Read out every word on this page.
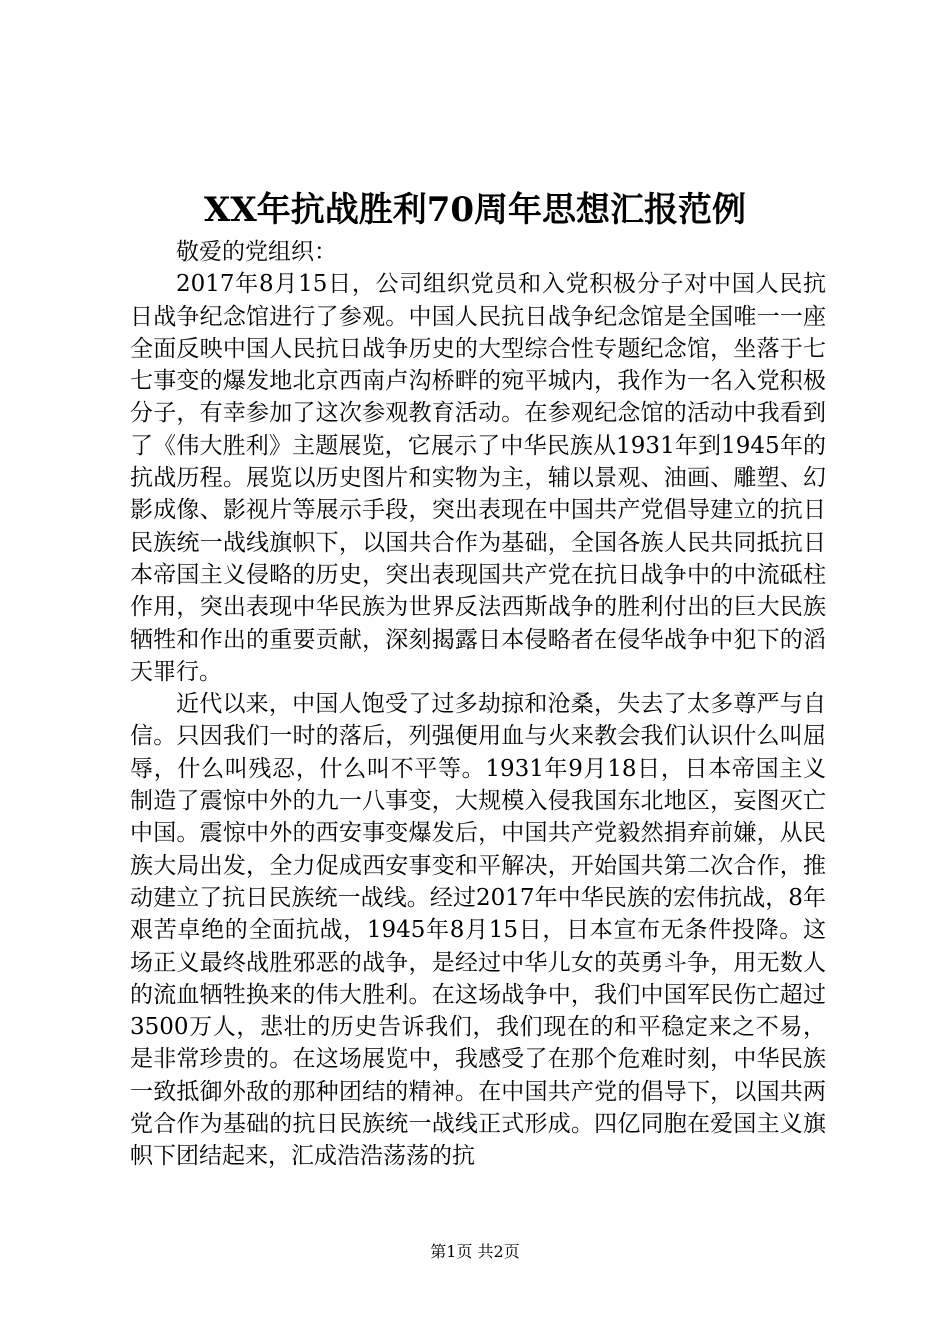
XX年抗战胜利70周年思想汇报范例

敬爱的党组织：

2017年8月15日，公司组织党员和入党积极分子对中国人民抗日战争纪念馆进行了参观。中国人民抗日战争纪念馆是全国唯一一座全面反映中国人民抗日战争历史的大型综合性专题纪念馆，坐落于七七事变的爆发地北京西南卢沟桥畔的宛平城内，我作为一名入党积极分子，有幸参加了这次参观教育活动。在参观纪念馆的活动中我看到了《伟大胜利》主题展览，它展示了中华民族从1931年到1945年的抗战历程。展览以历史图片和实物为主，辅以景观、油画、雕塑、幻影成像、影视片等展示手段，突出表现在中国共产党倡导建立的抗日民族统一战线旗帜下，以国共合作为基础，全国各族人民共同抵抗日本帝国主义侵略的历史，突出表现国共产党在抗日战争中的中流砥柱作用，突出表现中华民族为世界反法西斯战争的胜利付出的巨大民族牺牲和作出的重要贡献，深刻揭露日本侵略者在侵华战争中犯下的滔天罪行。

近代以来，中国人饱受了过多劫掠和沧桑，失去了太多尊严与自信。只因我们一时的落后，列强便用血与火来教会我们认识什么叫屈辱，什么叫残忍，什么叫不平等。1931年9月18日，日本帝国主义制造了震惊中外的九一八事变，大规模入侵我国东北地区，妄图灭亡中国。震惊中外的西安事变爆发后，中国共产党毅然捐弃前嫌，从民族大局出发，全力促成西安事变和平解决，开始国共第二次合作，推动建立了抗日民族统一战线。经过2017年中华民族的宏伟抗战，8年艰苦卓绝的全面抗战，1945年8月15日，日本宣布无条件投降。这场正义最终战胜邪恶的战争，是经过中华儿女的英勇斗争，用无数人的流血牺牲换来的伟大胜利。在这场战争中，我们中国军民伤亡超过3500万人，悲壮的历史告诉我们，我们现在的和平稳定来之不易，是非常珍贵的。在这场展览中，我感受了在那个危难时刻，中华民族一致抵御外敌的那种团结的精神。在中国共产党的倡导下，以国共两党合作为基础的抗日民族统一战线正式形成。四亿同胞在爱国主义旗帜下团结起来，汇成浩浩荡荡的抗

第1页 共2页
